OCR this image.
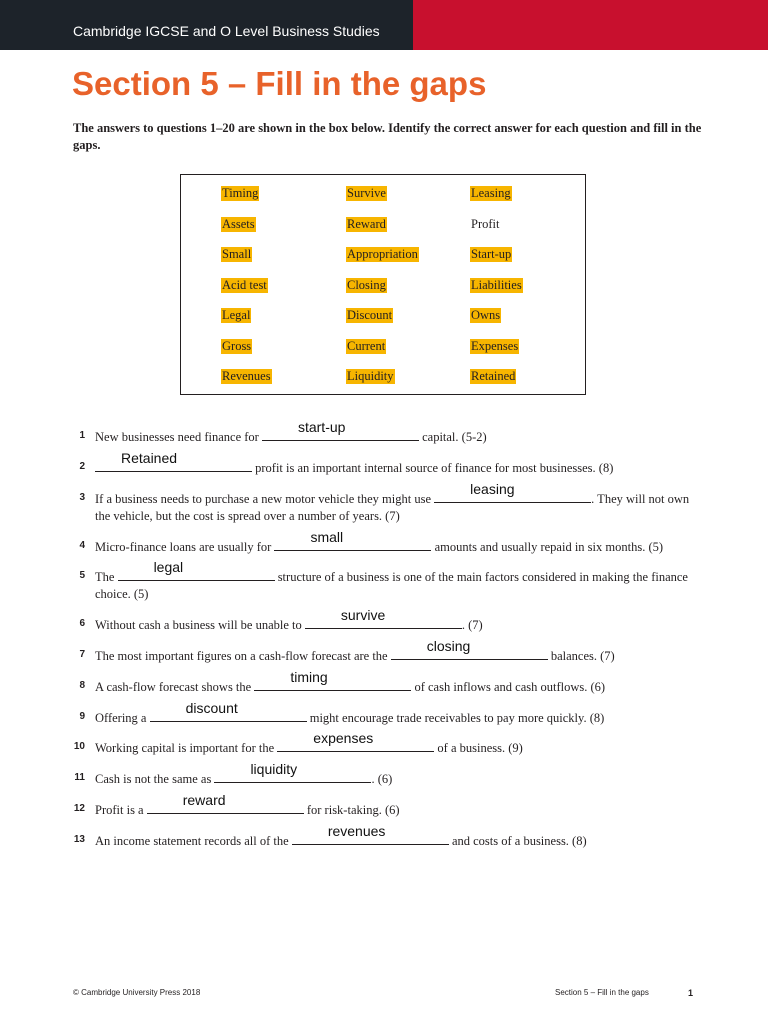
Cambridge IGCSE and O Level Business Studies
Section 5 – Fill in the gaps
The answers to questions 1–20 are shown in the box below. Identify the correct answer for each question and fill in the gaps.
Timing
Assets
Small
Acid test
Legal
Gross
Revenues
Survive
Reward
Appropriation
Closing
Discount
Current
Liquidity
Leasing
Profit
Start-up
Liabilities
Owns
Expenses
Retained
1 New businesses need finance for
start-up
capital. (5-2)
2
Retained
profit is an important internal source of finance for most businesses. (8)
3 If a business needs to purchase a new motor vehicle they might use
leasing
. They will not own the vehicle, but the cost is spread over a number of years. (7)
4 Micro-finance loans are usually for
small
amounts and usually repaid in six months. (5)
5 The
legal
structure of a business is one of the main factors considered in making the finance choice. (5)
6 Without cash a business will be unable to
survive
. (7)
7 The most important figures on a cash-flow forecast are the
closing
balances. (7)
8 A cash-flow forecast shows the
timing
of cash inflows and cash outflows. (6)
9 Offering a
discount
might encourage trade receivables to pay more quickly. (8)
10 Working capital is important for the
expenses
of a business. (9)
11 Cash is not the same as
liquidity
. (6)
12 Profit is a
reward
for risk-taking. (6)
13 An income statement records all of the
revenues
and costs of a business. (8)
© Cambridge University Press 2018	Section 5 – Fill in the gaps	1
